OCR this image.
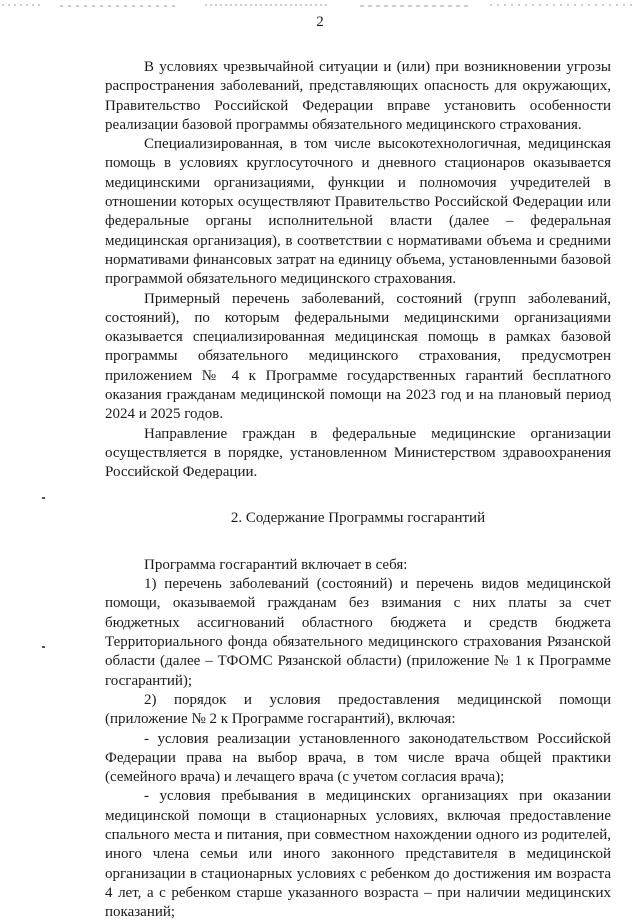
2

В условиях чрезвычайной ситуации и (или) при возникновении угрозы распространения заболеваний, представляющих опасность для окружающих, Правительство Российской Федерации вправе установить особенности реализации базовой программы обязательного медицинского страхования.

Специализированная, в том числе высокотехнологичная, медицинская помощь в условиях круглосуточного и дневного стационаров оказывается медицинскими организациями, функции и полномочия учредителей в отношении которых осуществляют Правительство Российской Федерации или федеральные органы исполнительной власти (далее – федеральная медицинская организация), в соответствии с нормативами объема и средними нормативами финансовых затрат на единицу объема, установленными базовой программой обязательного медицинского страхования.

Примерный перечень заболеваний, состояний (групп заболеваний, состояний), по которым федеральными медицинскими организациями оказывается специализированная медицинская помощь в рамках базовой программы обязательного медицинского страхования, предусмотрен приложением № 4 к Программе государственных гарантий бесплатного оказания гражданам медицинской помощи на 2023 год и на плановый период 2024 и 2025 годов.

Направление граждан в федеральные медицинские организации осуществляется в порядке, установленном Министерством здравоохранения Российской Федерации.

2. Содержание Программы госгарантий

Программа госгарантий включает в себя:

1) перечень заболеваний (состояний) и перечень видов медицинской помощи, оказываемой гражданам без взимания с них платы за счет бюджетных ассигнований областного бюджета и средств бюджета Территориального фонда обязательного медицинского страхования Рязанской области (далее – ТФОМС Рязанской области) (приложение № 1 к Программе госгарантий);

2) порядок и условия предоставления медицинской помощи (приложение № 2 к Программе госгарантий), включая:

- условия реализации установленного законодательством Российской Федерации права на выбор врача, в том числе врача общей практики (семейного врача) и лечащего врача (с учетом согласия врача);

- условия пребывания в медицинских организациях при оказании медицинской помощи в стационарных условиях, включая предоставление спального места и питания, при совместном нахождении одного из родителей, иного члена семьи или иного законного представителя в медицинской организации в стационарных условиях с ребенком до достижения им возраста 4 лет, а с ребенком старше указанного возраста – при наличии медицинских показаний;
